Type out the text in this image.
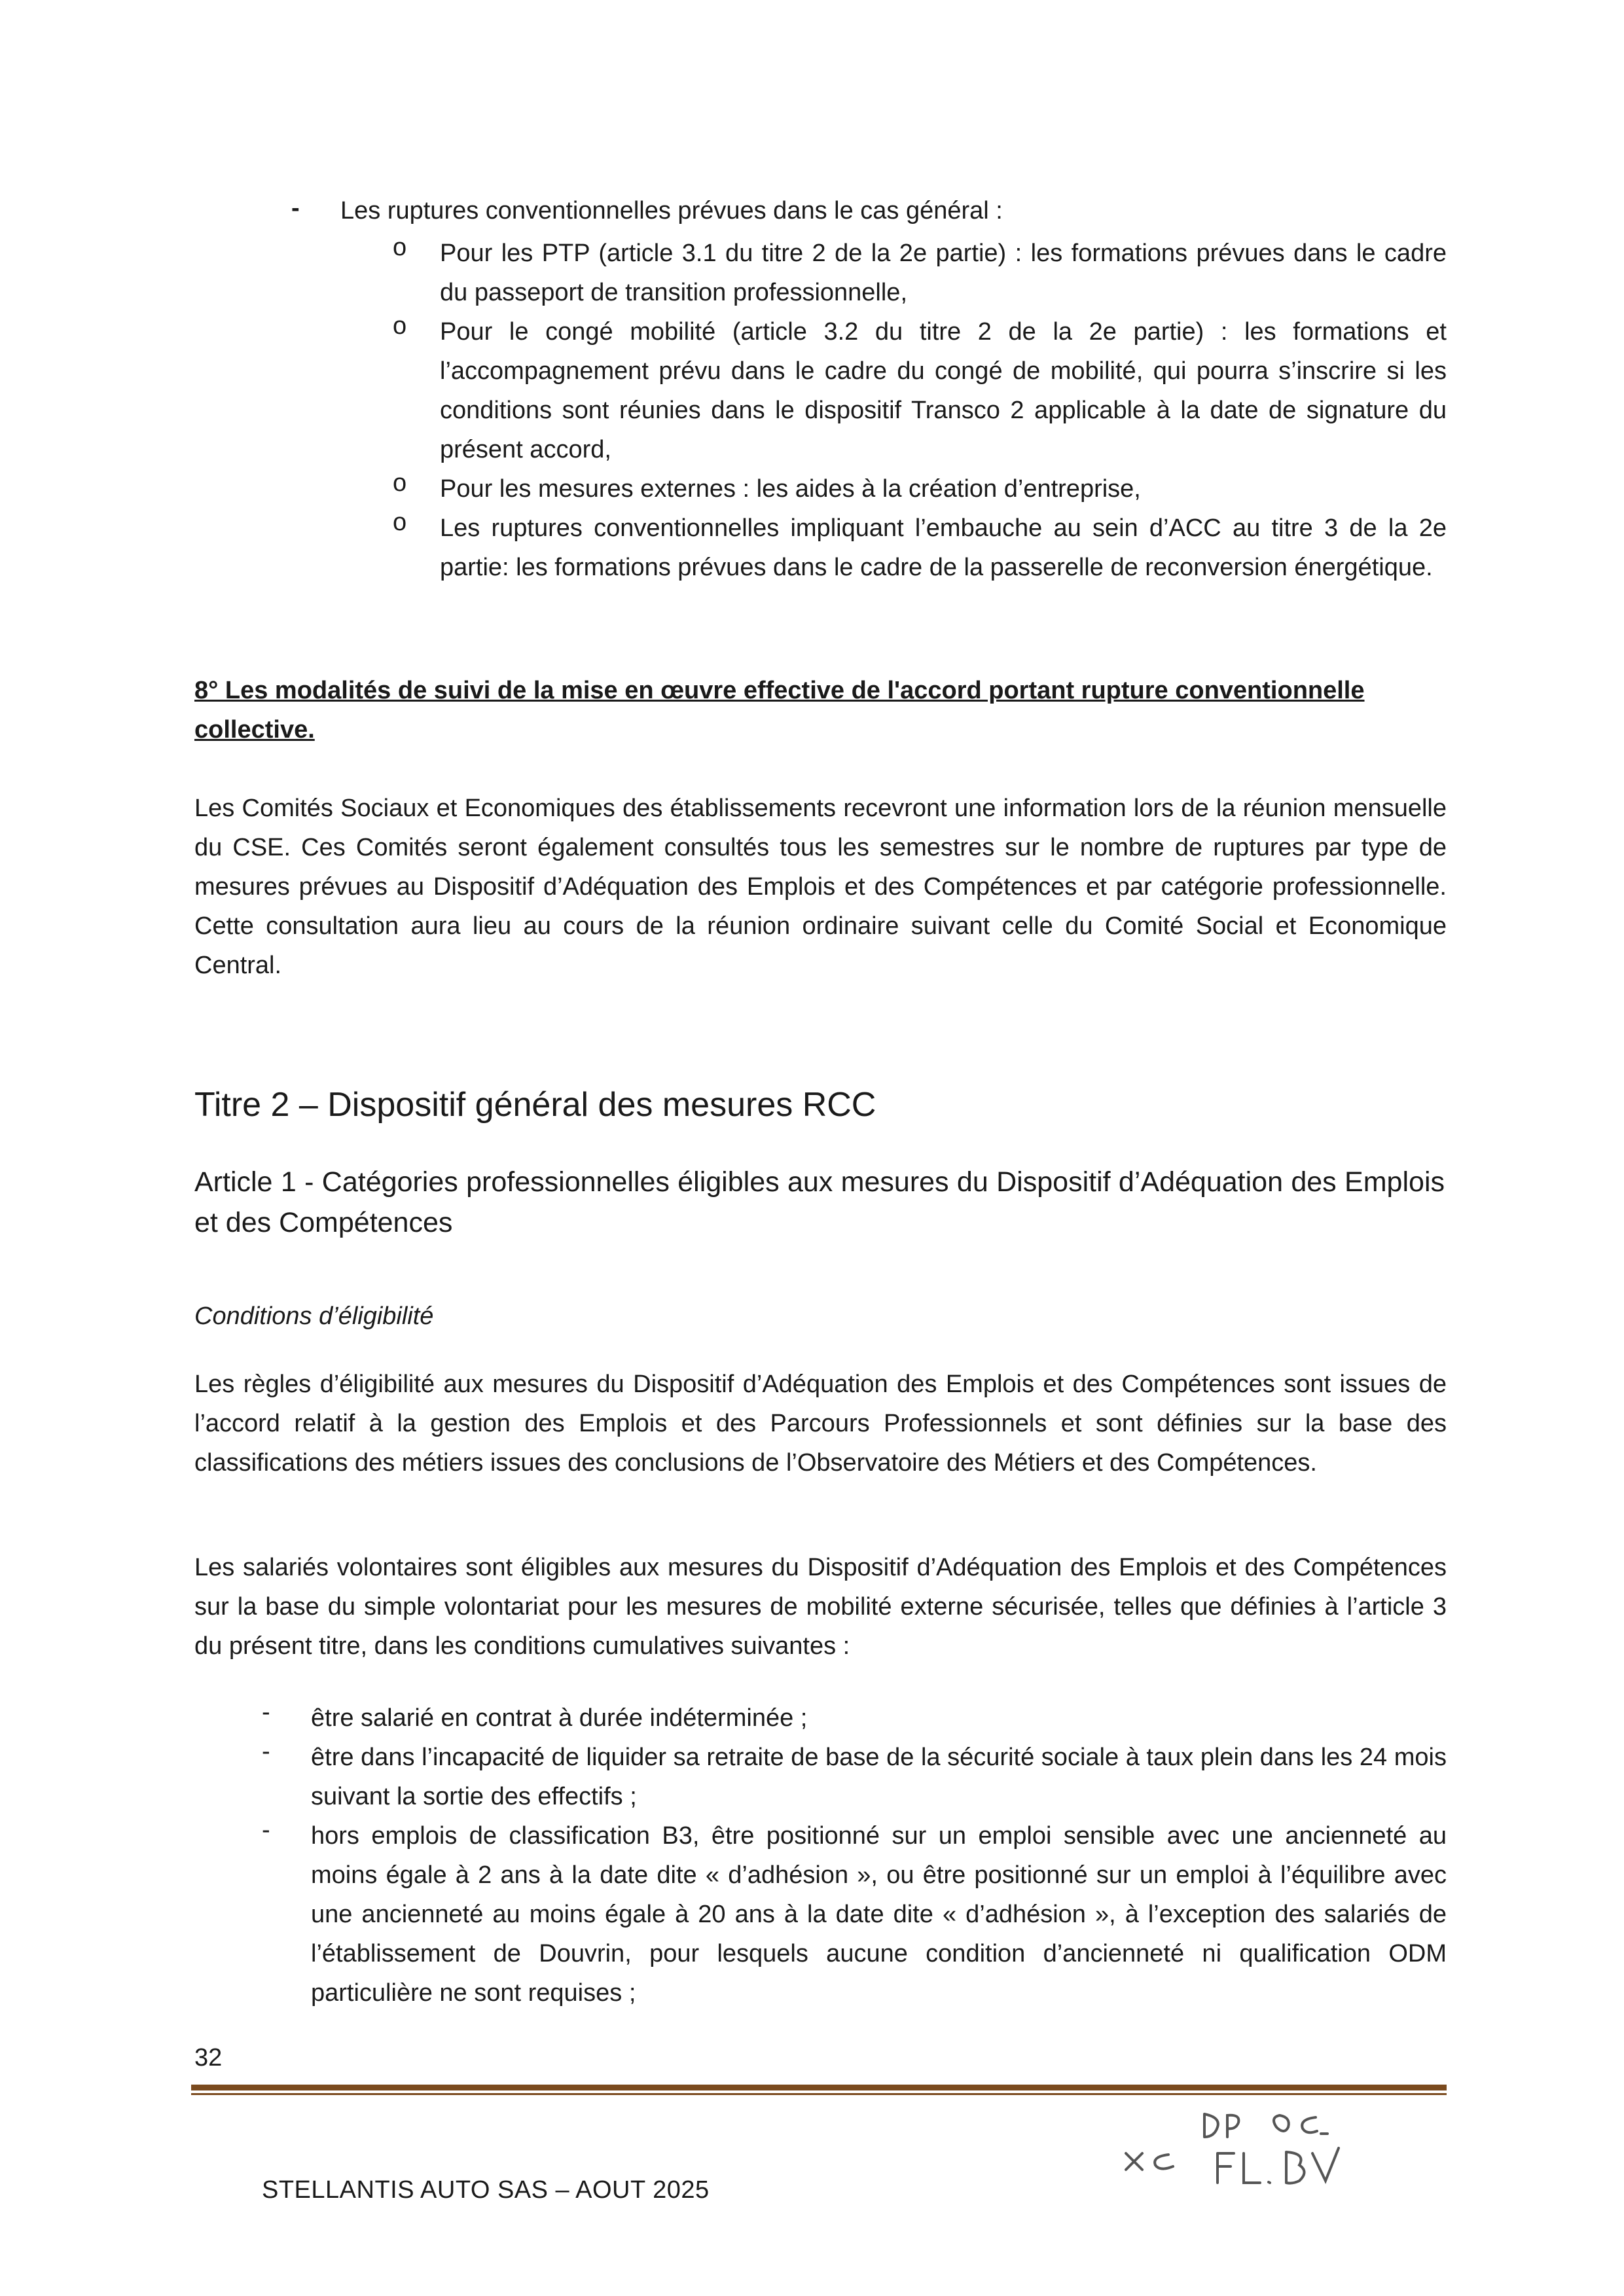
- Les ruptures conventionnelles prévues dans le cas général :
o Pour les PTP (article 3.1 du titre 2 de la 2e partie) : les formations prévues dans le cadre du passeport de transition professionnelle,
o Pour le congé mobilité (article 3.2 du titre 2 de la 2e partie) : les formations et l’accompagnement prévu dans le cadre du congé de mobilité, qui pourra s’inscrire si les conditions sont réunies dans le dispositif Transco 2 applicable à la date de signature du présent accord,
o Pour les mesures externes : les aides à la création d’entreprise,
o Les ruptures conventionnelles impliquant l’embauche au sein d’ACC au titre 3 de la 2e partie: les formations prévues dans le cadre de la passerelle de reconversion énergétique.
8° Les modalités de suivi de la mise en œuvre effective de l'accord portant rupture conventionnelle collective.
Les Comités Sociaux et Economiques des établissements recevront une information lors de la réunion mensuelle du CSE. Ces Comités seront également consultés tous les semestres sur le nombre de ruptures par type de mesures prévues au Dispositif d’Adéquation des Emplois et des Compétences et par catégorie professionnelle. Cette consultation aura lieu au cours de la réunion ordinaire suivant celle du Comité Social et Economique Central.
Titre 2 – Dispositif général des mesures RCC
Article 1 - Catégories professionnelles éligibles aux mesures du Dispositif d’Adéquation des Emplois et des Compétences
Conditions d’éligibilité
Les règles d’éligibilité aux mesures du Dispositif d’Adéquation des Emplois et des Compétences sont issues de l’accord relatif à la gestion des Emplois et des Parcours Professionnels et sont définies sur la base des classifications des métiers issues des conclusions de l’Observatoire des Métiers et des Compétences.
Les salariés volontaires sont éligibles aux mesures du Dispositif d’Adéquation des Emplois et des Compétences sur la base du simple volontariat pour les mesures de mobilité externe sécurisée, telles que définies à l’article 3 du présent titre, dans les conditions cumulatives suivantes :
- être salarié en contrat à durée indéterminée ;
- être dans l’incapacité de liquider sa retraite de base de la sécurité sociale à taux plein dans les 24 mois suivant la sortie des effectifs ;
- hors emplois de classification B3, être positionné sur un emploi sensible avec une ancienneté au moins égale à 2 ans à la date dite « d’adhésion », ou être positionné sur un emploi à l’équilibre avec une ancienneté au moins égale à 20 ans à la date dite « d’adhésion », à l’exception des salariés de l’établissement de Douvrin, pour lesquels aucune condition d’ancienneté ni qualification ODM particulière ne sont requises ;
32
STELLANTIS AUTO SAS – AOUT 2025
